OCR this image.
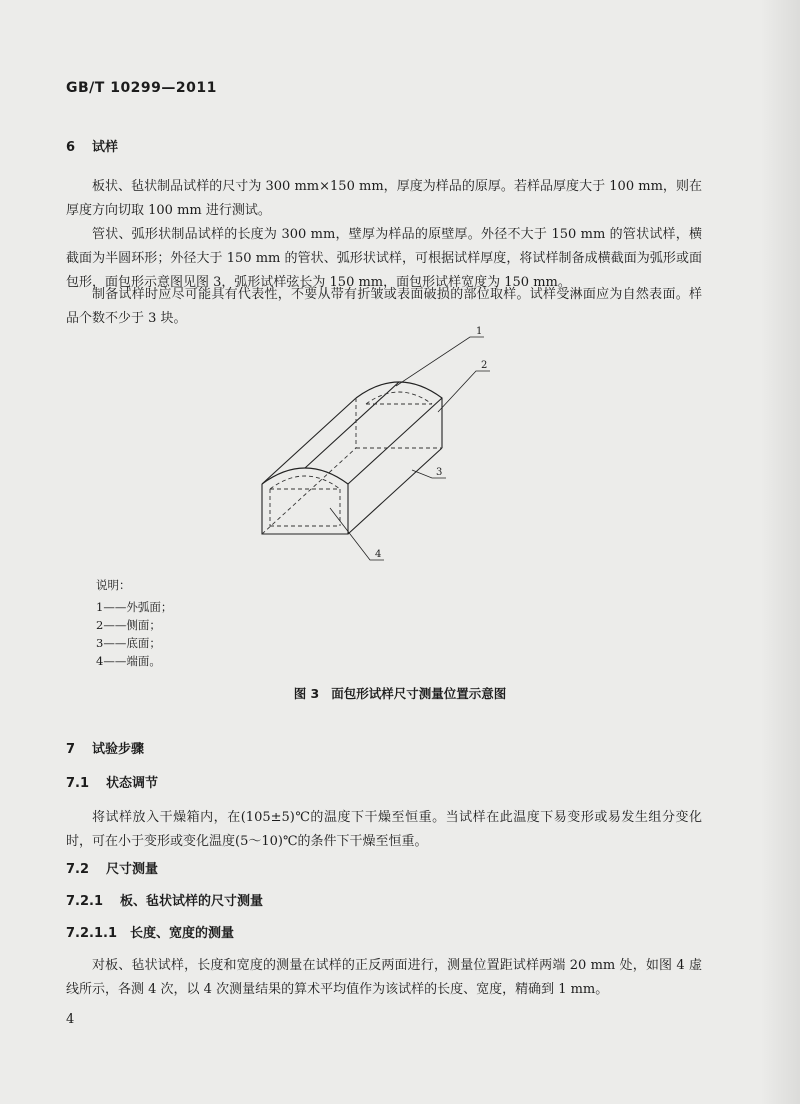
GB/T 10299—2011
6 试样
板状、毡状制品试样的尺寸为 300 mm×150 mm，厚度为样品的原厚。若样品厚度大于 100 mm，则在厚度方向切取 100 mm 进行测试。
管状、弧形状制品试样的长度为 300 mm，壁厚为样品的原壁厚。外径不大于 150 mm 的管状试样，横截面为半圆环形；外径大于 150 mm 的管状、弧形状试样，可根据试样厚度，将试样制备成横截面为弧形或面包形，面包形示意图见图 3，弧形试样弦长为 150 mm，面包形试样宽度为 150 mm。
制备试样时应尽可能具有代表性，不要从带有折皱或表面破损的部位取样。试样受淋面应为自然表面。样品个数不少于 3 块。
1
2
3
4
说明：
1——外弧面；
2——侧面；
3——底面；
4——端面。
图 3 面包形试样尺寸测量位置示意图
7 试验步骤
7.1 状态调节
将试样放入干燥箱内，在(105±5)℃的温度下干燥至恒重。当试样在此温度下易变形或易发生组分变化时，可在小于变形或变化温度(5～10)℃的条件下干燥至恒重。
7.2 尺寸测量
7.2.1 板、毡状试样的尺寸测量
7.2.1.1 长度、宽度的测量
对板、毡状试样，长度和宽度的测量在试样的正反两面进行，测量位置距试样两端 20 mm 处，如图 4 虚线所示，各测 4 次，以 4 次测量结果的算术平均值作为该试样的长度、宽度，精确到 1 mm。
4
